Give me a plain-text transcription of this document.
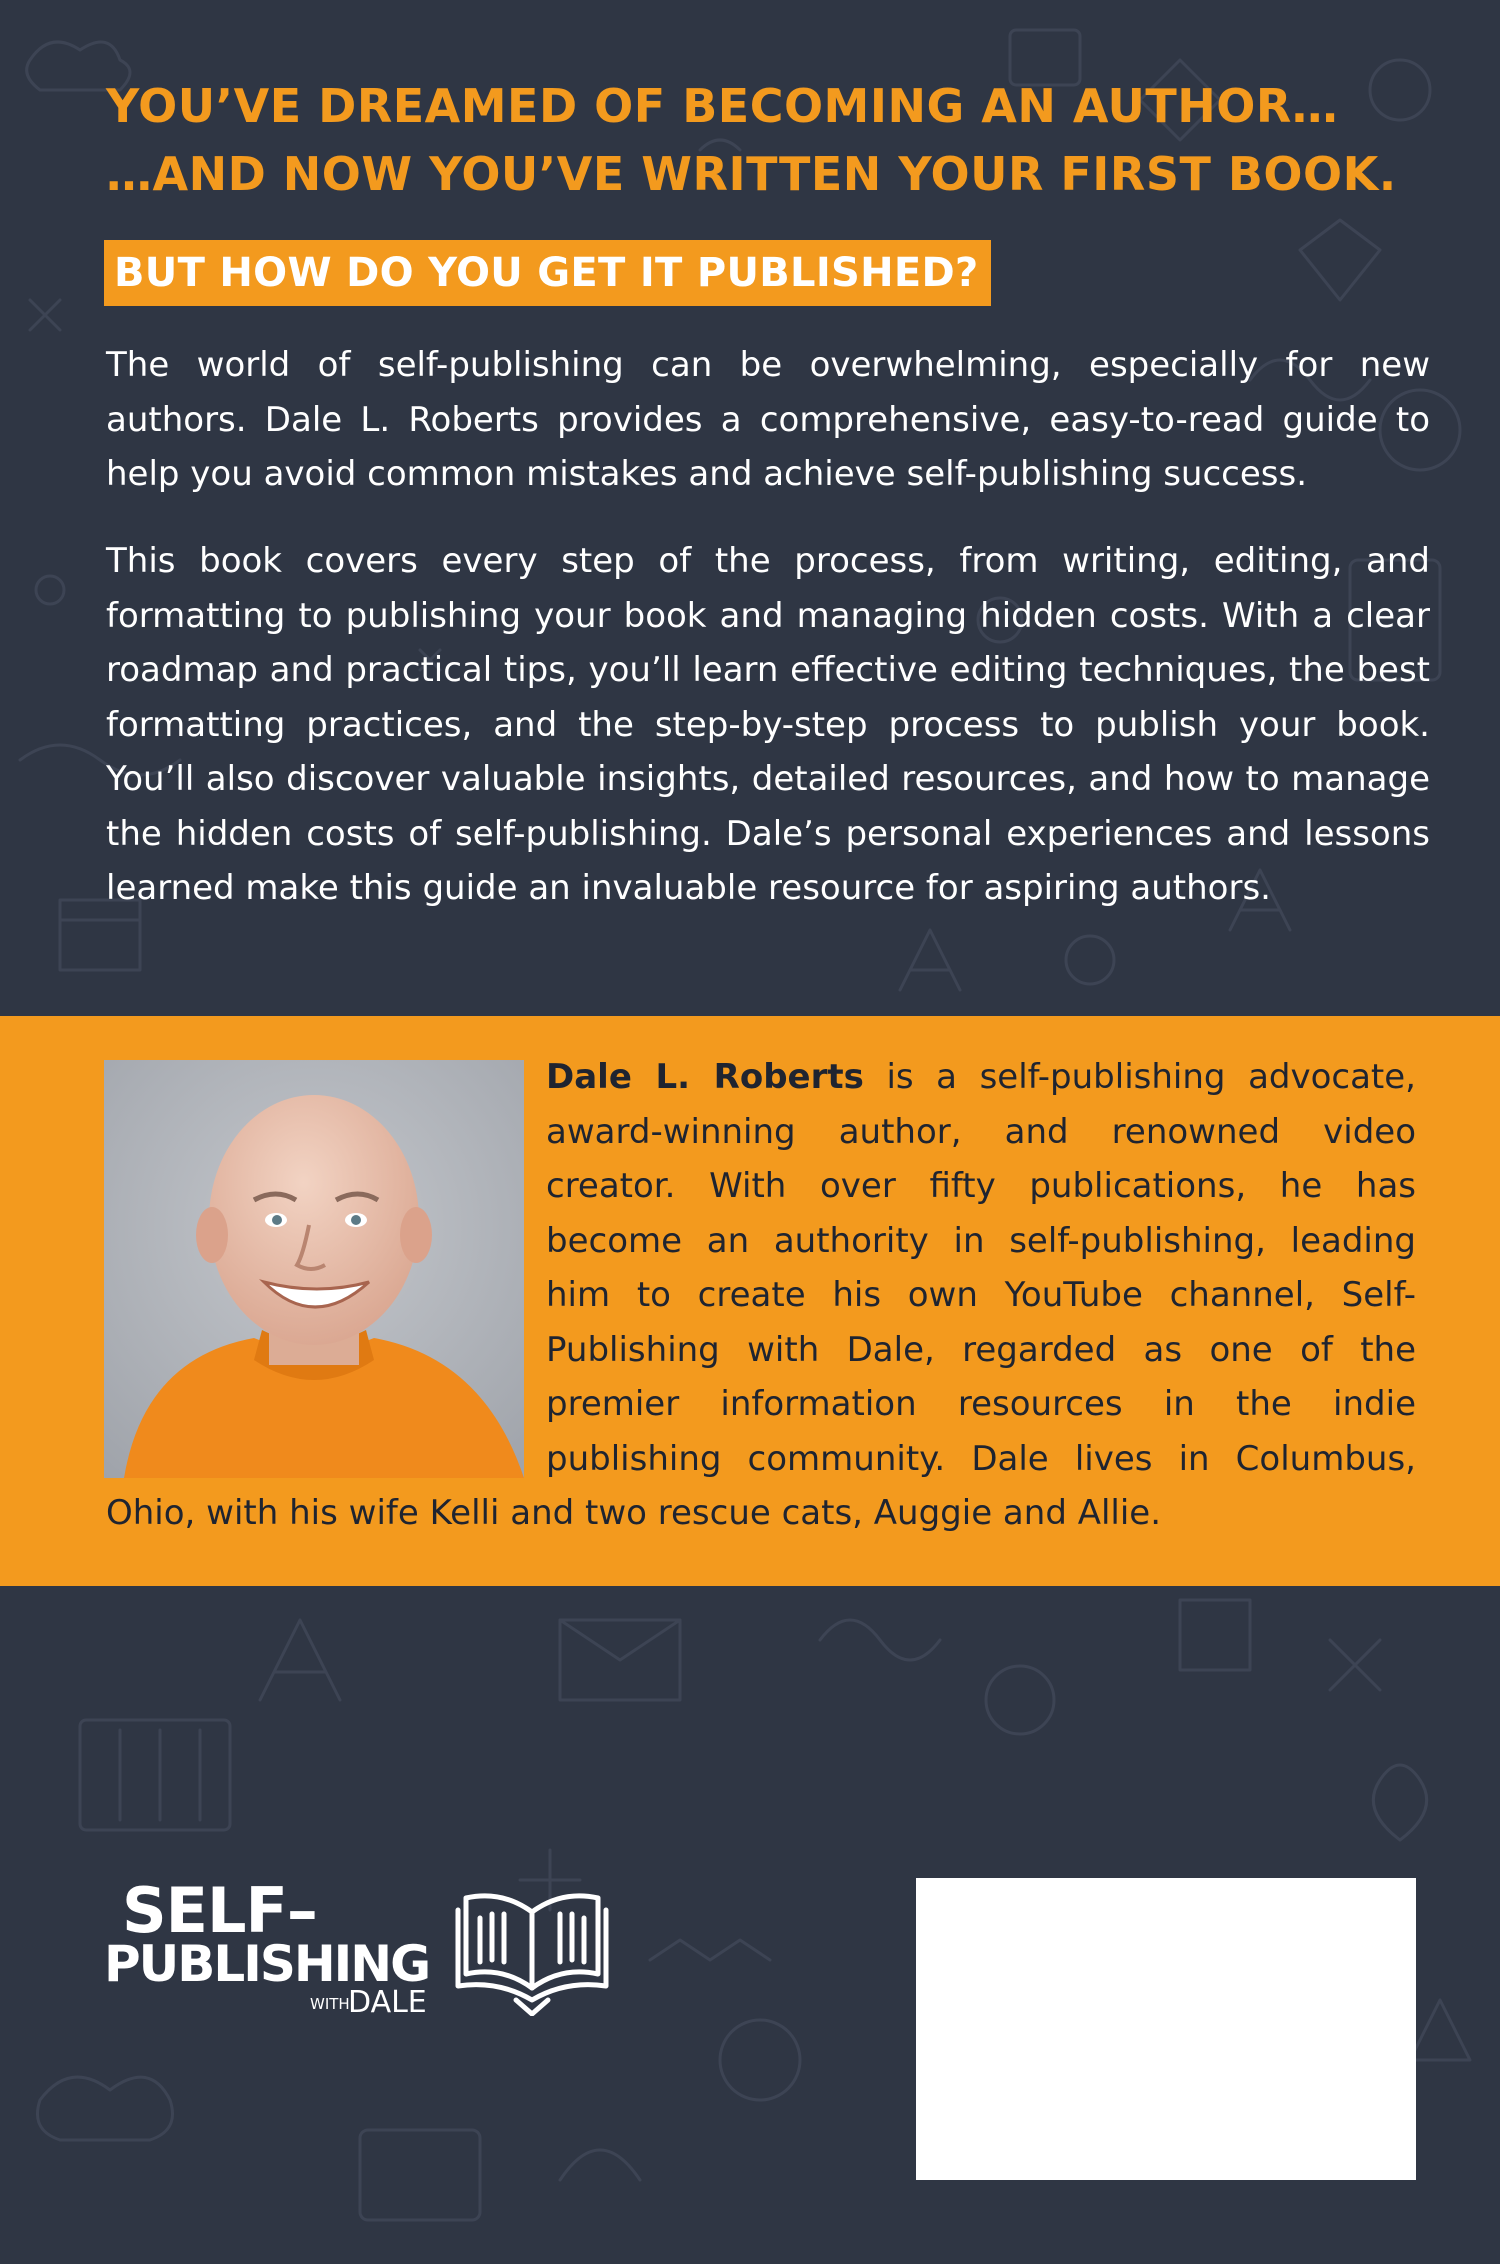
YOU’VE DREAMED OF BECOMING AN AUTHOR…
…AND NOW YOU’VE WRITTEN YOUR FIRST BOOK.
BUT HOW DO YOU GET IT PUBLISHED?

The world of self-publishing can be overwhelming, especially for new authors. Dale L. Roberts provides a comprehensive, easy-to-read guide to help you avoid common mistakes and achieve self-publishing success.

This book covers every step of the process, from writing, editing, and formatting to publishing your book and managing hidden costs. With a clear roadmap and practical tips, you’ll learn effective editing techniques, the best formatting practices, and the step-by-step process to publish your book. You’ll also discover valuable insights, detailed resources, and how to manage the hidden costs of self-publishing. Dale’s personal experiences and lessons learned make this guide an invaluable resource for aspiring authors.

Dale L. Roberts is a self-publishing advocate, award-winning author, and renowned video creator. With over fifty publications, he has become an authority in self-publishing, leading him to create his own YouTube channel, Self-Publishing with Dale, regarded as one of the premier information resources in the indie publishing community. Dale lives in Columbus, Ohio, with his wife Kelli and two rescue cats, Auggie and Allie.
SELF–
PUBLISHING
WITH
DALE
